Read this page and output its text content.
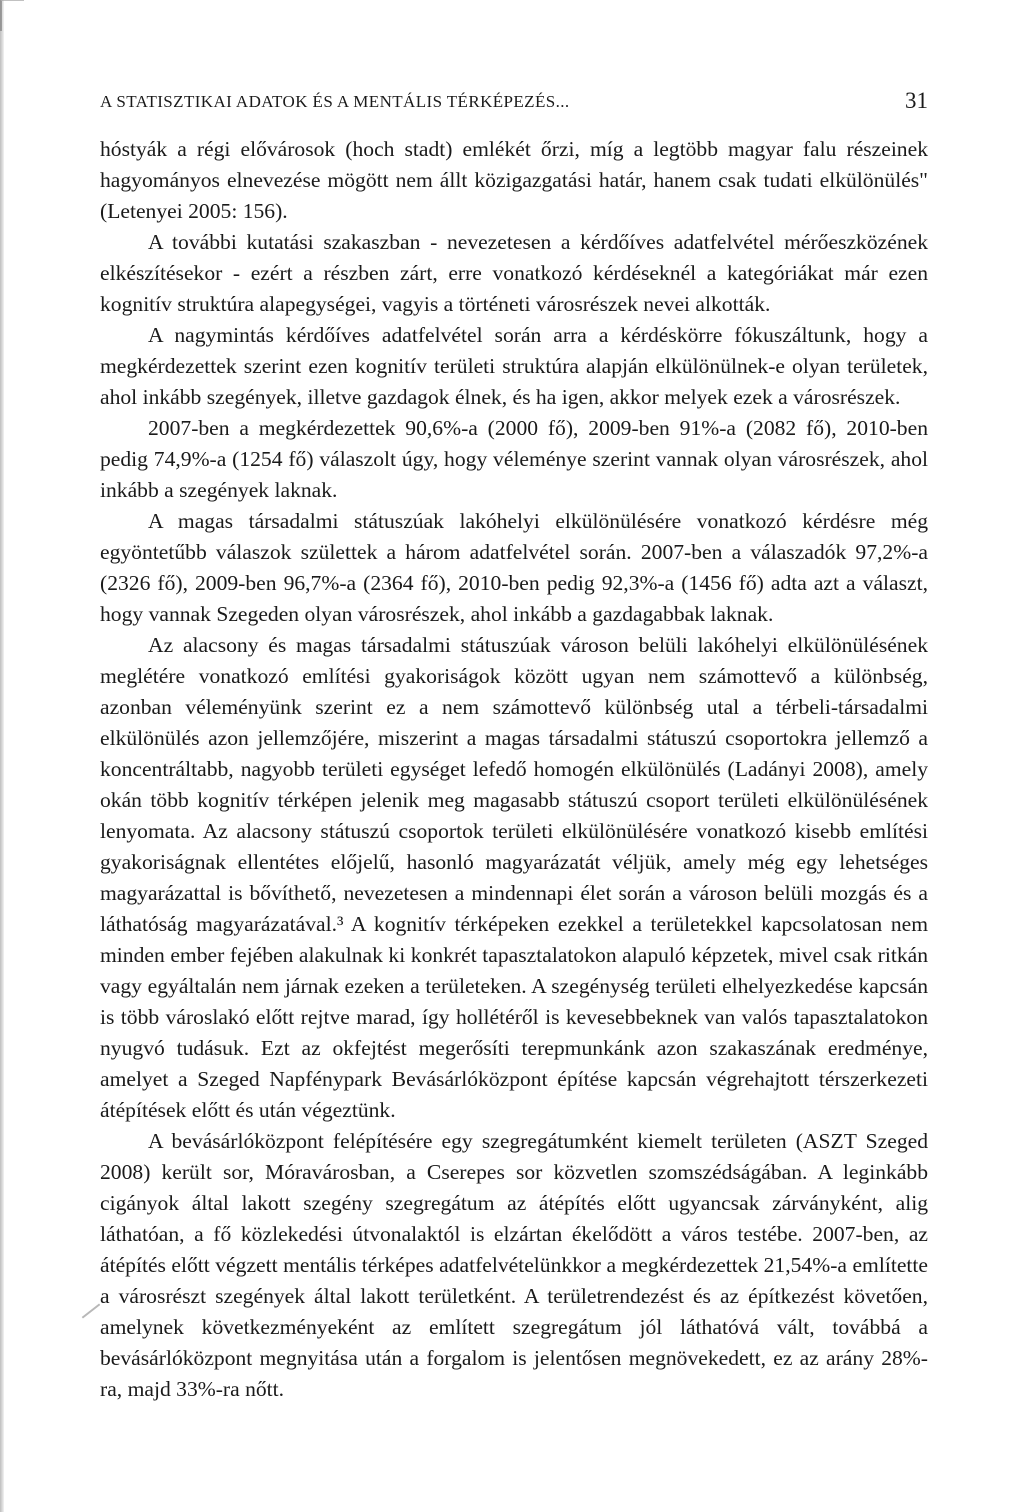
A STATISZTIKAI ADATOK ÉS A MENTÁLIS TÉRKÉPEZÉS...	31

hóstyák a régi elővárosok (hoch stadt) emlékét őrzi, míg a legtöbb magyar falu részeinek hagyományos elnevezése mögött nem állt közigazgatási határ, hanem csak tudati elkülönülés" (Letenyei 2005: 156).

A további kutatási szakaszban - nevezetesen a kérdőíves adatfelvétel mérőeszközének elkészítésekor - ezért a részben zárt, erre vonatkozó kérdéseknél a kategóriákat már ezen kognitív struktúra alapegységei, vagyis a történeti városrészek nevei alkották.

A nagymintás kérdőíves adatfelvétel során arra a kérdéskörre fókuszáltunk, hogy a megkérdezettek szerint ezen kognitív területi struktúra alapján elkülönülnek-e olyan területek, ahol inkább szegények, illetve gazdagok élnek, és ha igen, akkor melyek ezek a városrészek.

2007-ben a megkérdezettek 90,6%-a (2000 fő), 2009-ben 91%-a (2082 fő), 2010-ben pedig 74,9%-a (1254 fő) válaszolt úgy, hogy véleménye szerint vannak olyan városrészek, ahol inkább a szegények laknak.

A magas társadalmi státuszúak lakóhelyi elkülönülésére vonatkozó kérdésre még egyöntetűbb válaszok születtek a három adatfelvétel során. 2007-ben a válaszadók 97,2%-a (2326 fő), 2009-ben 96,7%-a (2364 fő), 2010-ben pedig 92,3%-a (1456 fő) adta azt a választ, hogy vannak Szegeden olyan városrészek, ahol inkább a gazdagabbak laknak.

Az alacsony és magas társadalmi státuszúak városon belüli lakóhelyi elkülönülésének meglétére vonatkozó említési gyakoriságok között ugyan nem számottevő a különbség, azonban véleményünk szerint ez a nem számottevő különbség utal a térbeli-társadalmi elkülönülés azon jellemzőjére, miszerint a magas társadalmi státuszú csoportokra jellemző a koncentráltabb, nagyobb területi egységet lefedő homogén elkülönülés (Ladányi 2008), amely okán több kognitív térképen jelenik meg magasabb státuszú csoport területi elkülönülésének lenyomata. Az alacsony státuszú csoportok területi elkülönülésére vonatkozó kisebb említési gyakoriságnak ellentétes előjelű, hasonló magyarázatát véljük, amely még egy lehetséges magyarázattal is bővíthető, nevezetesen a mindennapi élet során a városon belüli mozgás és a láthatóság magyarázatával.³ A kognitív térképeken ezekkel a területekkel kapcsolatosan nem minden ember fejében alakulnak ki konkrét tapasztalatokon alapuló képzetek, mivel csak ritkán vagy egyáltalán nem járnak ezeken a területeken. A szegénység területi elhelyezkedése kapcsán is több városlakó előtt rejtve marad, így hollétéről is kevesebbeknek van valós tapasztalatokon nyugvó tudásuk. Ezt az okfejtést megerősíti terepmunkánk azon szakaszának eredménye, amelyet a Szeged Napfénypark Bevásárlóközpont építése kapcsán végrehajtott térszerkezeti átépítések előtt és után végeztünk.

A bevásárlóközpont felépítésére egy szegregátumként kiemelt területen (ASZT Szeged 2008) került sor, Móravárosban, a Cserepes sor közvetlen szomszédságában. A leginkább cigányok által lakott szegény szegregátum az átépítés előtt ugyancsak zárványként, alig láthatóan, a fő közlekedési útvonalaktól is elzártan ékelődött a város testébe. 2007-ben, az átépítés előtt végzett mentális térképes adatfelvételünkkor a megkérdezettek 21,54%-a említette a városrészt szegények által lakott területként. A területrendezést és az építkezést követően, amelynek következményeként az említett szegregátum jól láthatóvá vált, továbbá a bevásárlóközpont megnyitása után a forgalom is jelentősen megnövekedett, ez az arány 28%-ra, majd 33%-ra nőtt.
